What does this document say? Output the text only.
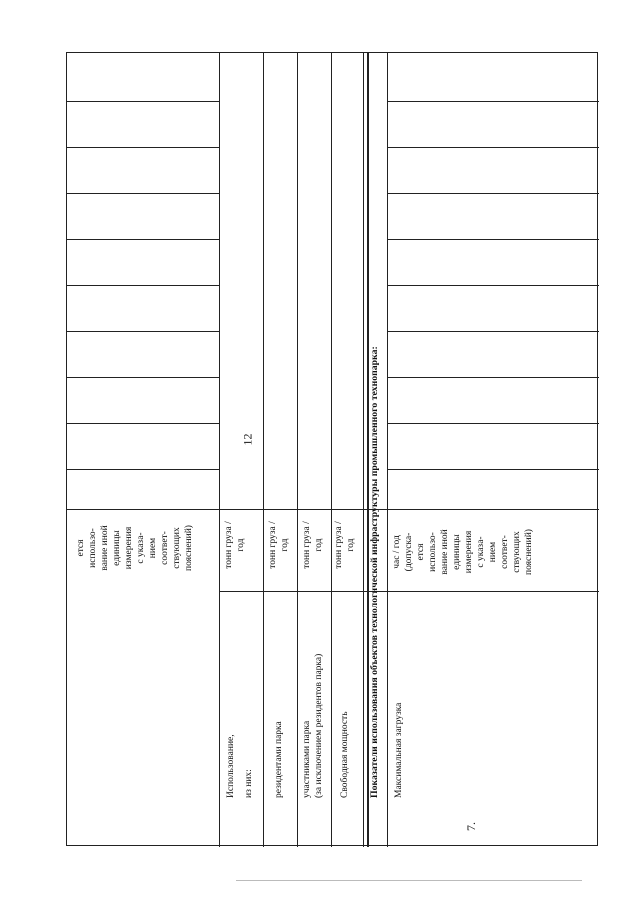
12
Использование, из них:
тонн груза / год
резидентами парка
тонн груза / год
участниками парка (за исключением резидентов парка)
тонн груза / год
Свободная мощность
тонн груза / год
ется использо- вание иной единицы измерения с указа- нием соответ- ствующих пояснений)	Показатели использования объектов технологической инфраструктуры промышленного технопарка:
7.
Максимальная загрузка
час / год (допуска- ется использо- вание иной единицы измерения с указа- нием соответ- ствующих пояснений)
